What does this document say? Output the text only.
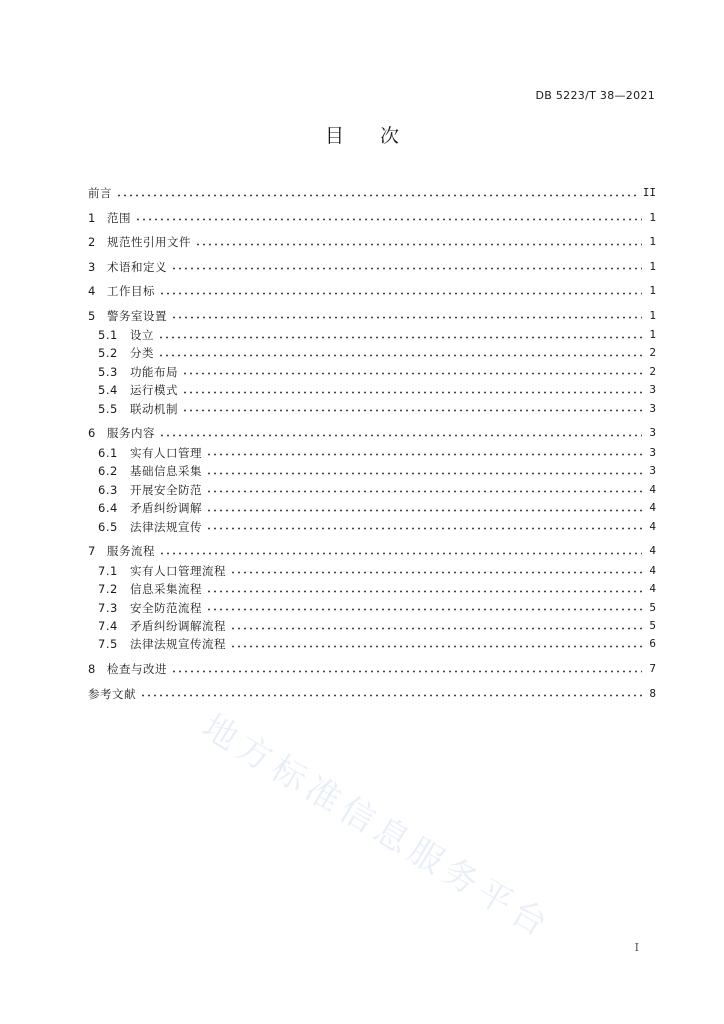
DB 5223/T 38—2021
目次
前言	II
1 范围	1
2 规范性引用文件	1
3 术语和定义	1
4 工作目标	1
5 警务室设置	1
5.1	设立	1
5.2	分类	2
5.3	功能布局	2
5.4	运行模式	3
5.5	联动机制	3
6 服务内容	3
6.1	实有人口管理	3
6.2	基础信息采集	3
6.3	开展安全防范	4
6.4	矛盾纠纷调解	4
6.5	法律法规宣传	4
7 服务流程	4
7.1	实有人口管理流程	4
7.2	信息采集流程	4
7.3	安全防范流程	5
7.4	矛盾纠纷调解流程	5
7.5	法律法规宣传流程	6
8 检查与改进	7
参考文献	8
地方标准信息服务平台
I
